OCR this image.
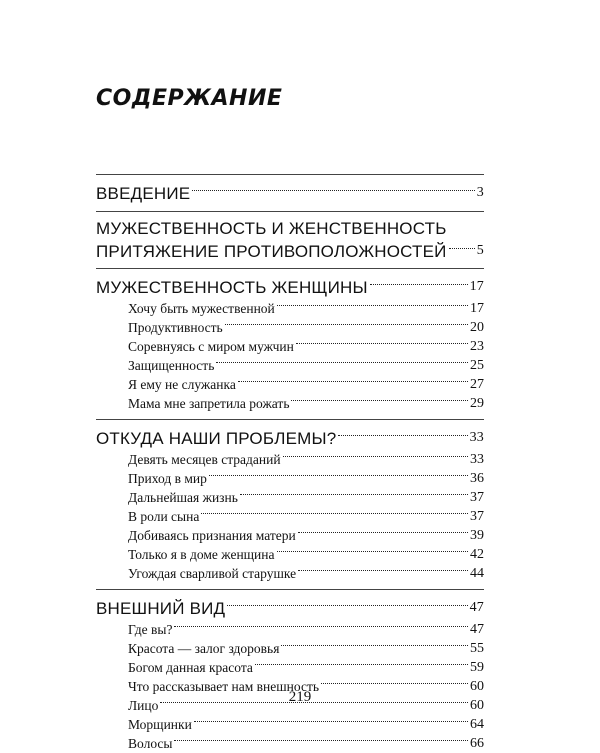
СОДЕРЖАНИЕ
ВВЕДЕНИЕ	3
МУЖЕСТВЕННОСТЬ И ЖЕНСТВЕННОСТЬ
ПРИТЯЖЕНИЕ ПРОТИВОПОЛОЖНОСТЕЙ 5
МУЖЕСТВЕННОСТЬ ЖЕНЩИНЫ	17
Хочу быть мужественной	17
Продуктивность	20
Соревнуясь с миром мужчин	23
Защищенность	25
Я ему не служанка	27
Мама мне запретила рожать	29
ОТКУДА НАШИ ПРОБЛЕМЫ?	33
Девять месяцев страданий	33
Приход в мир	36
Дальнейшая жизнь	37
В роли сына	37
Добиваясь признания матери	39
Только я в доме женщина	42
Угождая сварливой старушке	44
ВНЕШНИЙ ВИД	47
Где вы?	47
Красота — залог здоровья	55
Богом данная красота	59
Что рассказывает нам внешность	60
Лицо	60
Морщинки	64
Волосы	66
219
